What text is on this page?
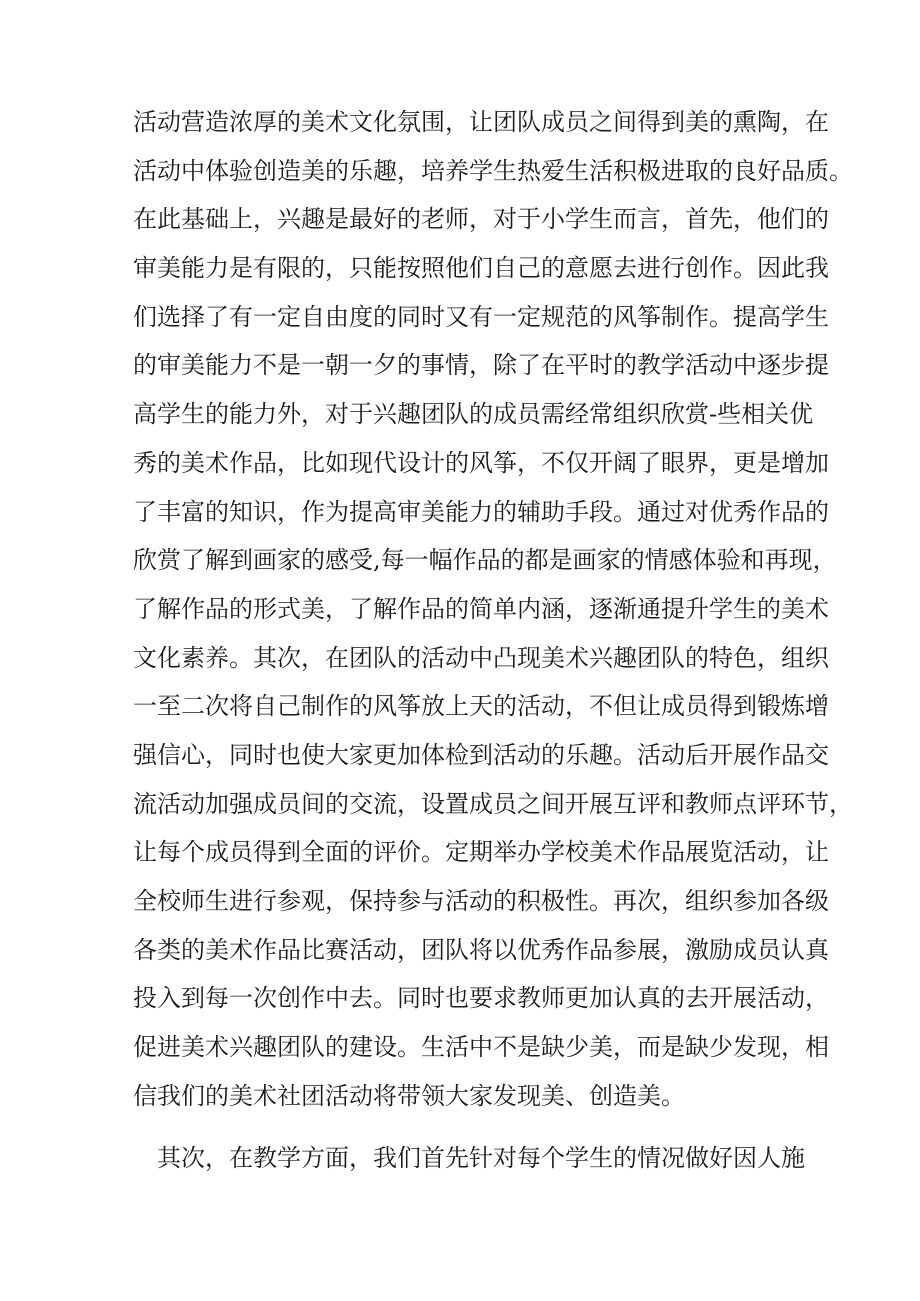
活动营造浓厚的美术文化氛围，让团队成员之间得到美的熏陶，在
活动中体验创造美的乐趣，培养学生热爱生活积极进取的良好品质。
在此基础上，兴趣是最好的老师，对于小学生而言，首先，他们的
审美能力是有限的，只能按照他们自己的意愿去进行创作。因此我
们选择了有一定自由度的同时又有一定规范的风筝制作。提高学生
的审美能力不是一朝一夕的事情，除了在平时的教学活动中逐步提
高学生的能力外，对于兴趣团队的成员需经常组织欣赏-些相关优
秀的美术作品，比如现代设计的风筝，不仅开阔了眼界，更是增加
了丰富的知识，作为提高审美能力的辅助手段。通过对优秀作品的
欣赏了解到画家的感受,每一幅作品的都是画家的情感体验和再现，
了解作品的形式美，了解作品的简单内涵，逐渐通提升学生的美术
文化素养。其次，在团队的活动中凸现美术兴趣团队的特色，组织
一至二次将自己制作的风筝放上天的活动，不但让成员得到锻炼增
强信心，同时也使大家更加体检到活动的乐趣。活动后开展作品交
流活动加强成员间的交流，设置成员之间开展互评和教师点评环节，
让每个成员得到全面的评价。定期举办学校美术作品展览活动，让
全校师生进行参观，保持参与活动的积极性。再次，组织参加各级
各类的美术作品比赛活动，团队将以优秀作品参展，激励成员认真
投入到每一次创作中去。同时也要求教师更加认真的去开展活动，
促进美术兴趣团队的建设。生活中不是缺少美，而是缺少发现，相
信我们的美术社团活动将带领大家发现美、创造美。
　其次，在教学方面，我们首先针对每个学生的情况做好因人施
